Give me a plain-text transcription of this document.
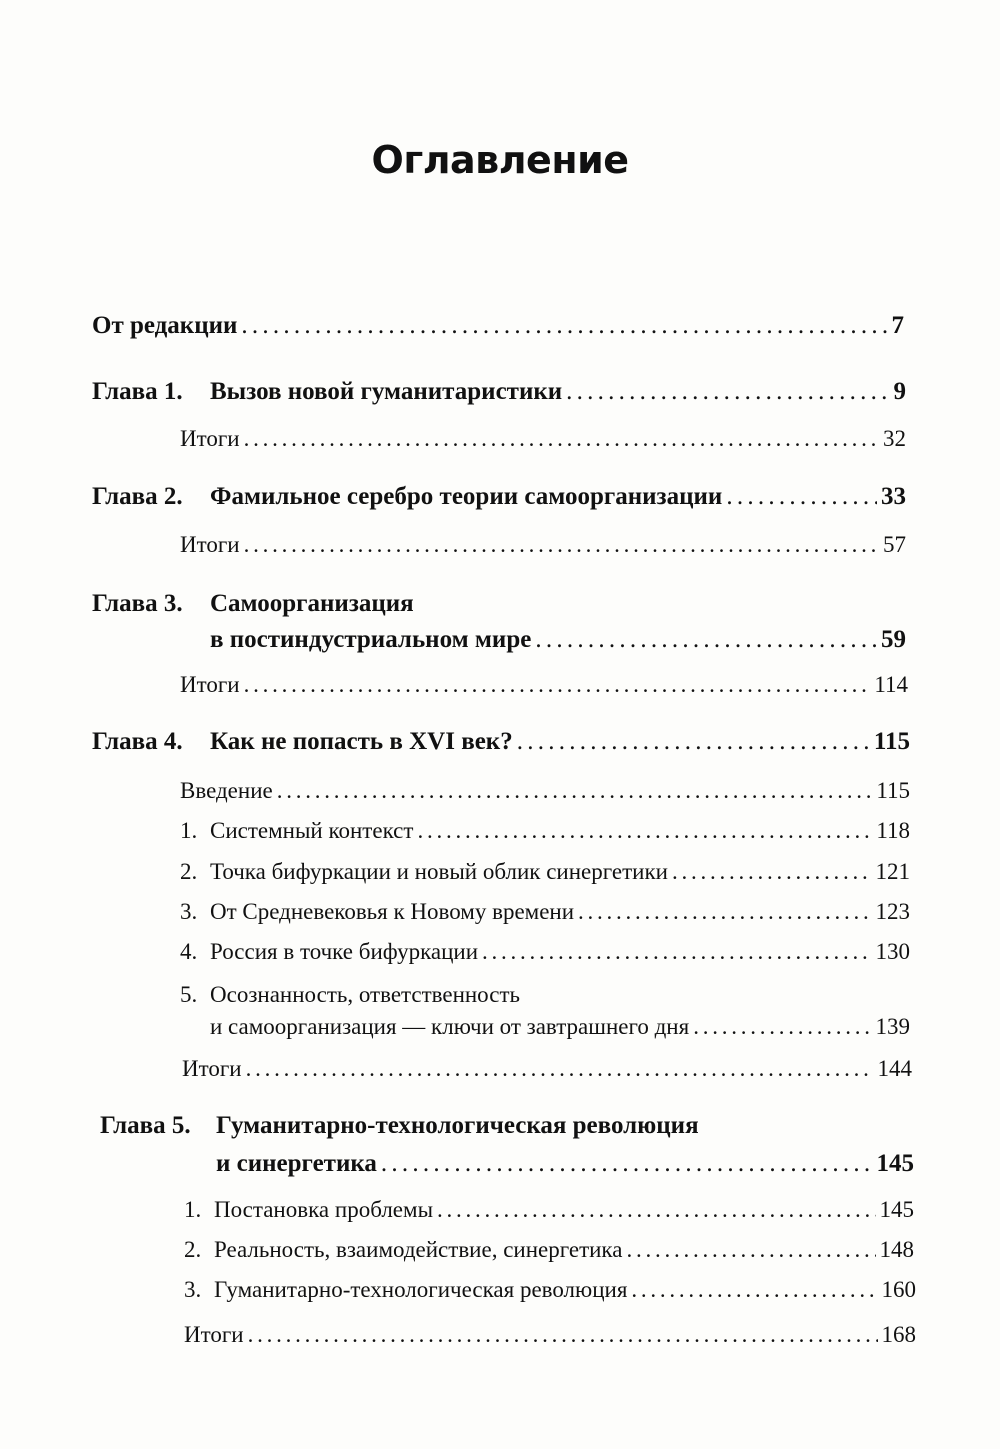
Оглавление
От редакции . . .	7
Глава 1. Вызов новой гуманитаристики . . .	9
Итоги . . .	32
Глава 2. Фамильное серебро теории самоорганизации . . .	33
Итоги . . .	57
Глава 3. Самоорганизация
в постиндустриальном мире . . .	59
Итоги . . .	114
Глава 4. Как не попасть в XVI век? . . .	115
Введение . . .	115
1. Системный контекст . . .	118
2. Точка бифуркации и новый облик синергетики . . .	121
3. От Средневековья к Новому времени . . .	123
4. Россия в точке бифуркации . . .	130
5. Осознанность, ответственность
и самоорганизация — ключи от завтрашнего дня . . .	139
Итоги . . .	144
Глава 5. Гуманитарно-технологическая революция
и синергетика . . .	145
1. Постановка проблемы . . .	145
2. Реальность, взаимодействие, синергетика . . .	148
3. Гуманитарно-технологическая революция . . .	160
Итоги . . .	168
